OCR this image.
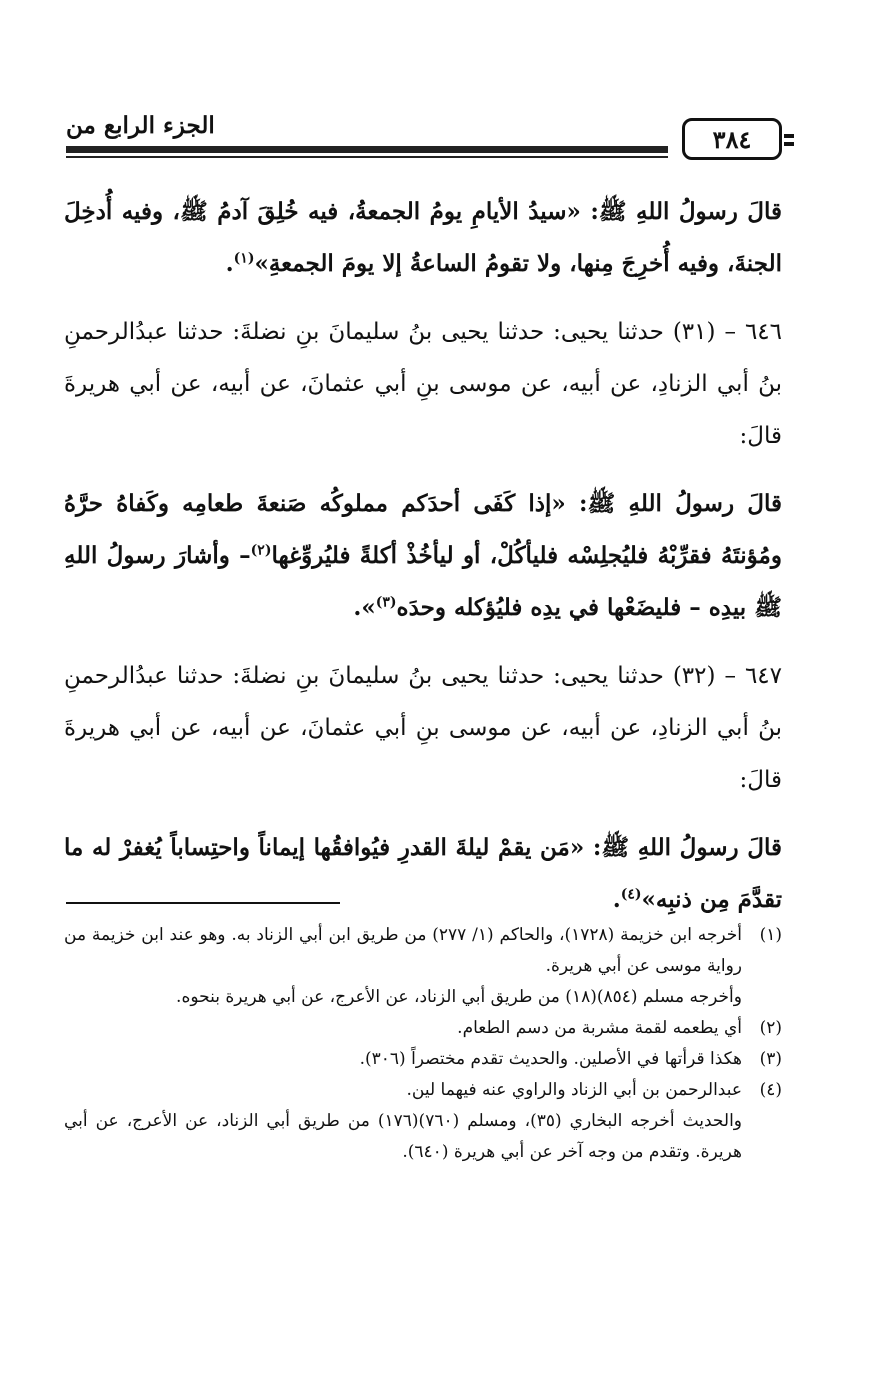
الجزء الرابع من	٣٨٤

قالَ رسولُ اللهِ ﷺ: «سيدُ الأيامِ يومُ الجمعةُ، فيه خُلِقَ آدمُ ﷺ، وفيه أُدخِلَ الجنةَ، وفيه أُخرِجَ مِنها، ولا تقومُ الساعةُ إلا يومَ الجمعةِ»$^{(١)}$.

٦٤٦ – (٣١) حدثنا يحيى: حدثنا يحيى بنُ سليمانَ بنِ نضلةَ: حدثنا عبدُالرحمنِ بنُ أبي الزنادِ، عن أبيه، عن موسى بنِ أبي عثمانَ، عن أبيه، عن أبي هريرةَ قالَ:

قالَ رسولُ اللهِ ﷺ: «إذا كَفَى أحدَكم مملوكُه صَنعةَ طعامِه وكَفاهُ حرَّهُ ومُؤنتَهُ فقرِّبْهُ فليُجلِسْه فليأكُلْ، أو ليأخُذْ أكلةً فليُروِّغها$^{(٢)}$– وأشارَ رسولُ اللهِ ﷺ بيدِه – فليضَعْها في يدِه فليُؤكله وحدَه$^{(٣)}$».

٦٤٧ – (٣٢) حدثنا يحيى: حدثنا يحيى بنُ سليمانَ بنِ نضلةَ: حدثنا عبدُالرحمنِ بنُ أبي الزنادِ، عن أبيه، عن موسى بنِ أبي عثمانَ، عن أبيه، عن أبي هريرةَ قالَ:

قالَ رسولُ اللهِ ﷺ: «مَن يقمْ ليلةَ القدرِ فيُوافقُها إيماناً واحتِساباً يُغفرْ له ما تقدَّمَ مِن ذنبِه»$^{(٤)}$.

(١)
أخرجه ابن خزيمة (١٧٢٨)، والحاكم (١/ ٢٧٧) من طريق ابن أبي الزناد به. وهو عند ابن خزيمة من رواية موسى عن أبي هريرة.
وأخرجه مسلم (٨٥٤)(١٨) من طريق أبي الزناد، عن الأعرج، عن أبي هريرة بنحوه.
(٢)
أي يطعمه لقمة مشربة من دسم الطعام.
(٣)
هكذا قرأتها في الأصلين. والحديث تقدم مختصراً (٣٠٦).
(٤)
عبدالرحمن بن أبي الزناد والراوي عنه فيهما لين.
والحديث أخرجه البخاري (٣٥)، ومسلم (٧٦٠)(١٧٦) من طريق أبي الزناد، عن الأعرج، عن أبي هريرة. وتقدم من وجه آخر عن أبي هريرة (٦٤٠).
